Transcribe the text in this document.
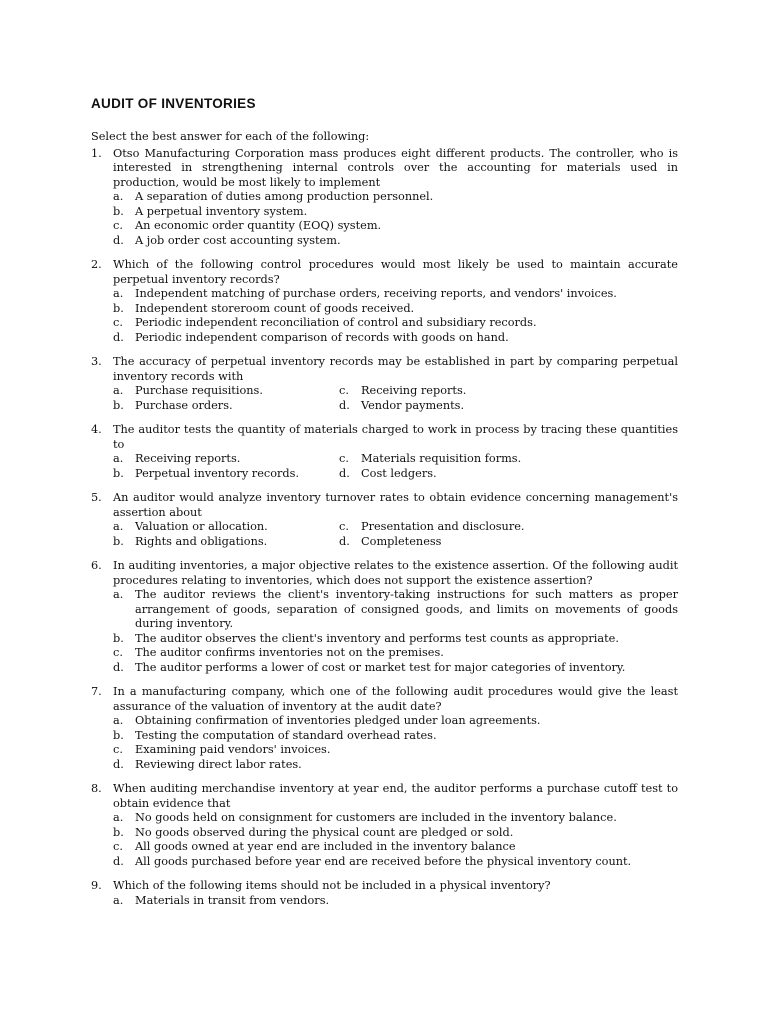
AUDIT OF INVENTORIES
Select the best answer for each of the following:
1. Otso Manufacturing Corporation mass produces eight different products. The controller, who is interested in strengthening internal controls over the accounting for materials used in production, would be most likely to implement
a.	A separation of duties among production personnel.
b. A perpetual inventory system.
c.	An economic order quantity (EOQ) system.
d. A job order cost accounting system.
2. Which of the following control procedures would most likely be used to maintain accurate perpetual inventory records?
a.	Independent matching of purchase orders, receiving reports, and vendors' invoices.
b. Independent storeroom count of goods received.
c.	Periodic independent reconciliation of control and subsidiary records.
d. Periodic independent comparison of records with goods on hand.
3. The accuracy of perpetual inventory records may be established in part by comparing perpetual inventory records with
a.	Purchase requisitions.	c.	Receiving reports.
b. Purchase orders.	d. Vendor payments.
4. The auditor tests the quantity of materials charged to work in process by tracing these quantities to
a.	Receiving reports.	c.	Materials requisition forms.
b. Perpetual inventory records.	d. Cost ledgers.
5. An auditor would analyze inventory turnover rates to obtain evidence concerning management's assertion about
a.	Valuation or allocation.	c.	Presentation and disclosure.
b. Rights and obligations.	d. Completeness
6. In auditing inventories, a major objective relates to the existence assertion. Of the following audit procedures relating to inventories, which does not support the existence assertion?
a.	The auditor reviews the client's inventory-taking instructions for such matters as proper arrangement of goods, separation of consigned goods, and limits on movements of goods during inventory.
b. The auditor observes the client's inventory and performs test counts as appropriate.
c.	The auditor confirms inventories not on the premises.
d. The auditor performs a lower of cost or market test for major categories of inventory.
7. In a manufacturing company, which one of the following audit procedures would give the least assurance of the valuation of inventory at the audit date?
a.	Obtaining confirmation of inventories pledged under loan agreements.
b. Testing the computation of standard overhead rates.
c.	Examining paid vendors' invoices.
d. Reviewing direct labor rates.
8. When auditing merchandise inventory at year end, the auditor performs a purchase cutoff test to obtain evidence that
a.	No goods held on consignment for customers are included in the inventory balance.
b. No goods observed during the physical count are pledged or sold.
c.	All goods owned at year end are included in the inventory balance
d. All goods purchased before year end are received before the physical inventory count.
9. Which of the following items should not be included in a physical inventory?
a.	Materials in transit from vendors.
